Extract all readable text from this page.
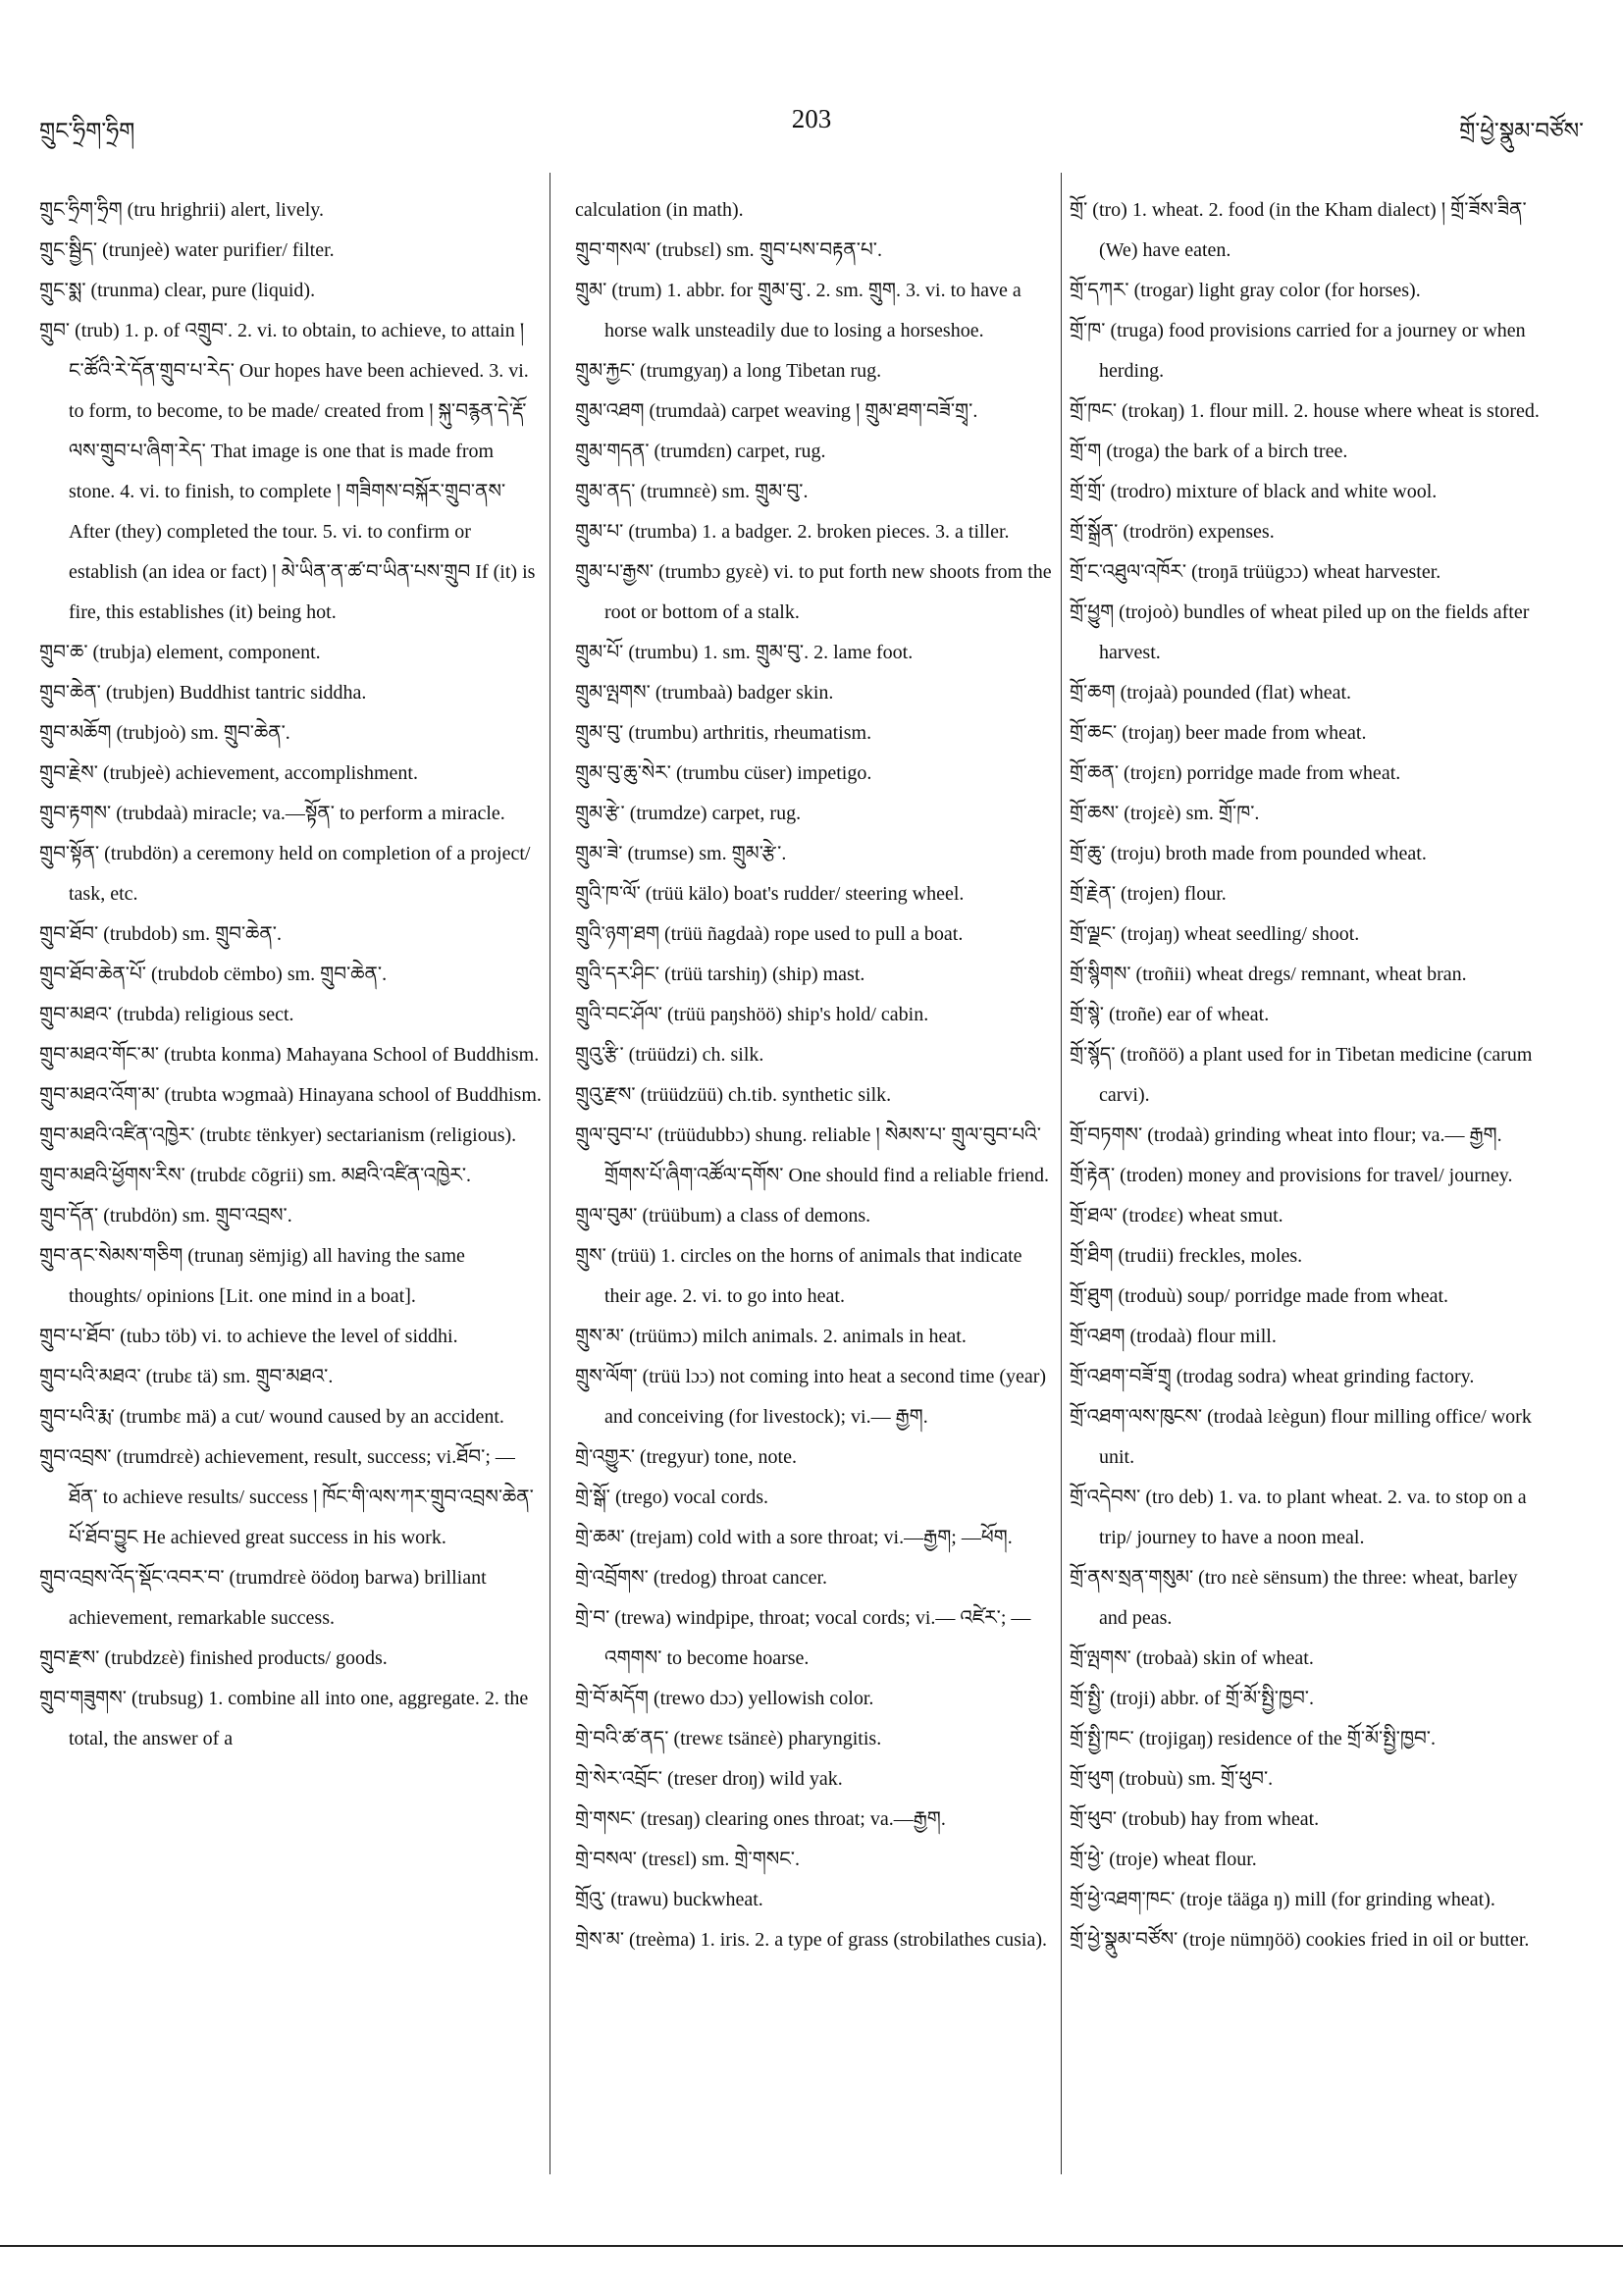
གྲུང་ཧྲིག་ཧྲིག	203	གྲོ་ཕྱེ་སྣུམ་བཙོས་
གྲུང་ཧྲིག་ཧྲིག (tru hrighrii) alert, lively.
གྲུང་སྦྱིད་ (trunjeè) water purifier/ filter.
གྲུང་སྨ་ (trunma) clear, pure (liquid).
གྲུབ་ (trub) 1. p. of འགྲུབ་. 2. vi. to obtain, to achieve, to attain ། ང་ཚོའི་རེ་དོན་གྲུབ་པ་རེད་ Our hopes have been achieved. 3. vi. to form, to become, to be made/ created from ། སྐུ་བརྙན་དེ་རྡོ་ལས་གྲུབ་པ་ཞིག་རེད་ That image is one that is made from stone. 4. vi. to finish, to complete ། གཟིགས་བསྐོར་གྲུབ་ནས་ After (they) completed the tour. 5. vi. to confirm or establish (an idea or fact) ། མེ་ཡིན་ན་ཚ་བ་ཡིན་པས་གྲུབ If (it) is fire, this establishes (it) being hot.
གྲུབ་ཆ་ (trubja) element, component.
གྲུབ་ཆེན་ (trubjen) Buddhist tantric siddha.
གྲུབ་མཆོག (trubjoò) sm. གྲུབ་ཆེན་.
གྲུབ་རྗེས་ (trubjeè) achievement, accomplishment.
གྲུབ་རྟགས་ (trubdaà) miracle; va.—སྟོན་ to perform a miracle.
གྲུབ་སྟོན་ (trubdön) a ceremony held on completion of a project/ task, etc.
གྲུབ་ཐོབ་ (trubdob) sm. གྲུབ་ཆེན་.
གྲུབ་ཐོབ་ཆེན་པོ་ (trubdob cëmbo) sm. གྲུབ་ཆེན་.
གྲུབ་མཐའ་ (trubda) religious sect.
གྲུབ་མཐའ་གོང་མ་ (trubta konma) Mahayana School of Buddhism.
གྲུབ་མཐའ་འོག་མ་ (trubta wɔgmaà) Hinayana school of Buddhism.
གྲུབ་མཐའི་འཛིན་འཁྱེར་ (trubtɛ tënkyer) sectarianism (religious).
གྲུབ་མཐའི་ཕྱོགས་རིས་ (trubdɛ cõgrii) sm. མཐའི་འཛིན་འཁྱེར་.
གྲུབ་དོན་ (trubdön) sm. གྲུབ་འབྲས་.
གྲུབ་ནང་སེམས་གཅིག (trunaŋ sëmjig) all having the same thoughts/ opinions [Lit. one mind in a boat].
གྲུབ་པ་ཐོབ་ (tubɔ töb) vi. to achieve the level of siddhi.
གྲུབ་པའི་མཐའ་ (trubɛ tä) sm. གྲུབ་མཐའ་.
གྲུབ་པའི་རྨ་ (trumbɛ mä) a cut/ wound caused by an accident.
གྲུབ་འབྲས་ (trumdrɛè) achievement, result, success; vi.ཐོབ་; —ཐོན་ to achieve results/ success ། ཁོང་གི་ལས་ཀར་གྲུབ་འབྲས་ཆེན་པོ་ཐོབ་བྱུང He achieved great success in his work.
གྲུབ་འབྲས་འོད་སྡོང་འབར་བ་ (trumdrɛè öödoŋ barwa) brilliant achievement, remarkable success.
གྲུབ་རྫས་ (trubdzɛè) finished products/ goods.
གྲུབ་གཟུགས་ (trubsug) 1. combine all into one, aggregate. 2. the total, the answer of a
calculation (in math).
གྲུབ་གསལ་ (trubsɛl) sm. གྲུབ་པས་བརྟན་པ་.
གྲུམ་ (trum) 1. abbr. for གྲུམ་བུ་. 2. sm. གྲུག. 3. vi. to have a horse walk unsteadily due to losing a horseshoe.
གྲུམ་རྐྱང་ (trumgyaŋ) a long Tibetan rug.
གྲུམ་འཐག (trumdaà) carpet weaving ། གྲུམ་ཐག་བཟོ་གྲྭ་.
གྲུམ་གདན་ (trumdɛn) carpet, rug.
གྲུམ་ནད་ (trumnɛè) sm. གྲུམ་བུ་.
གྲུམ་པ་ (trumba) 1. a badger. 2. broken pieces. 3. a tiller.
གྲུམ་པ་རྒྱས་ (trumbɔ gyɛè) vi. to put forth new shoots from the root or bottom of a stalk.
གྲུམ་པོ་ (trumbu) 1. sm. གྲུམ་བུ་. 2. lame foot.
གྲུམ་ལྤགས་ (trumbaà) badger skin.
གྲུམ་བུ་ (trumbu) arthritis, rheumatism.
གྲུམ་བུ་ཆུ་སེར་ (trumbu cüser) impetigo.
གྲུམ་རྩེ་ (trumdze) carpet, rug.
གྲུམ་ཟེ་ (trumse) sm. གྲུམ་རྩེ་.
གྲུའི་ཁ་ལོ་ (trüü kälo) boat's rudder/ steering wheel.
གྲུའི་ཉག་ཐག (trüü ñagdaà) rope used to pull a boat.
གྲུའི་དར་ཤིང་ (trüü tarshiŋ) (ship) mast.
གྲུའི་བང་ཤོལ་ (trüü paŋshöö) ship's hold/ cabin.
གྲུའུ་རྩི་ (trüüdzi) ch. silk.
གྲུའུ་རྫས་ (trüüdzüü) ch.tib. synthetic silk.
གྲུལ་བུབ་པ་ (trüüdubbɔ) shung. reliable ། སེམས་པ་ གྲུལ་བུབ་པའི་གྲོགས་པོ་ཞིག་འཚོལ་དགོས་ One should find a reliable friend.
གྲུལ་བུམ་ (trüübum) a class of demons.
གྲུས་ (trüü) 1. circles on the horns of animals that indicate their age. 2. vi. to go into heat.
གྲུས་མ་ (trüümɔ) milch animals. 2. animals in heat.
གྲུས་ལོག་ (trüü lɔɔ) not coming into heat a second time (year) and conceiving (for livestock); vi.— རྒྱག.
གྲེ་འགྱུར་ (tregyur) tone, note.
གྲེ་སྒོ་ (trego) vocal cords.
གྲེ་ཆམ་ (trejam) cold with a sore throat; vi.—རྒྱག; —ཕོག.
གྲེ་འབྲོགས་ (tredog) throat cancer.
གྲེ་བ་ (trewa) windpipe, throat; vocal cords; vi.— འཛེར་; —འགགས་ to become hoarse.
གྲེ་བོ་མདོག (trewo dɔɔ) yellowish color.
གྲེ་བའི་ཚ་ནད་ (trewɛ tsänɛè) pharyngitis.
གྲེ་སེར་འབྲོང་ (treser droŋ) wild yak.
གྲེ་གསང་ (tresaŋ) clearing ones throat; va.—རྒྱག.
གྲེ་བསལ་ (tresɛl) sm. གྲེ་གསང་.
གྲོའུ་ (trawu) buckwheat.
གྲེས་མ་ (treèma) 1. iris. 2. a type of grass (strobilathes cusia).
གྲོ་ (tro) 1. wheat. 2. food (in the Kham dialect) ། གྲོ་ཟོས་ཟིན་ (We) have eaten.
གྲོ་དཀར་ (trogar) light gray color (for horses).
གྲོ་ཁ་ (truga) food provisions carried for a journey or when herding.
གྲོ་ཁང་ (trokaŋ) 1. flour mill. 2. house where wheat is stored.
གྲོ་ག (troga) the bark of a birch tree.
གྲོ་གྲོ་ (trodro) mixture of black and white wool.
གྲོ་སྒྲོན་ (trodrön) expenses.
གྲོ་ང་འཐུལ་འཁོར་ (troŋā trüügɔɔ) wheat harvester.
གྲོ་ཕྱུག (trojoò) bundles of wheat piled up on the fields after harvest.
གྲོ་ཆག (trojaà) pounded (flat) wheat.
གྲོ་ཆང་ (trojaŋ) beer made from wheat.
གྲོ་ཆན་ (trojɛn) porridge made from wheat.
གྲོ་ཆས་ (trojɛè) sm. གྲོ་ཁ་.
གྲོ་ཆུ་ (troju) broth made from pounded wheat.
གྲོ་རྗེན་ (trojen) flour.
གྲོ་ལྗང་ (trojaŋ) wheat seedling/ shoot.
གྲོ་སྙིགས་ (troñii) wheat dregs/ remnant, wheat bran.
གྲོ་སྙེ་ (troñe) ear of wheat.
གྲོ་སྙོད་ (troñöö) a plant used for in Tibetan medicine (carum carvi).
གྲོ་བཏགས་ (trodaà) grinding wheat into flour; va.— རྒྱག.
གྲོ་རྟེན་ (troden) money and provisions for travel/ journey.
གྲོ་ཐལ་ (trodɛɛ) wheat smut.
གྲོ་ཐིག (trudii) freckles, moles.
གྲོ་ཐུག (troduù) soup/ porridge made from wheat.
གྲོ་འཐག (trodaà) flour mill.
གྲོ་འཐག་བཟོ་གྲྭ (trodag sodra) wheat grinding factory.
གྲོ་འཐག་ལས་ཁུངས་ (trodaà lɛègun) flour milling office/ work unit.
གྲོ་འདེབས་ (tro deb) 1. va. to plant wheat. 2. va. to stop on a trip/ journey to have a noon meal.
གྲོ་ནས་སྲན་གསུམ་ (tro nɛè sënsum) the three: wheat, barley and peas.
གྲོ་ལྤགས་ (trobaà) skin of wheat.
གྲོ་སྤྱི་ (troji) abbr. of གྲོ་མོ་སྤྱི་ཁྱབ་.
གྲོ་སྤྱི་ཁང་ (trojigaŋ) residence of the གྲོ་མོ་སྤྱི་ཁྱབ་.
གྲོ་ཕུག (trobuù) sm. གྲོ་ཕུབ་.
གྲོ་ཕུབ་ (trobub) hay from wheat.
གྲོ་ཕྱེ་ (troje) wheat flour.
གྲོ་ཕྱེ་འཐག་ཁང་ (troje tääga ŋ) mill (for grinding wheat).
གྲོ་ཕྱེ་སྣུམ་བཙོས་ (troje nümŋöö) cookies fried in oil or butter.
